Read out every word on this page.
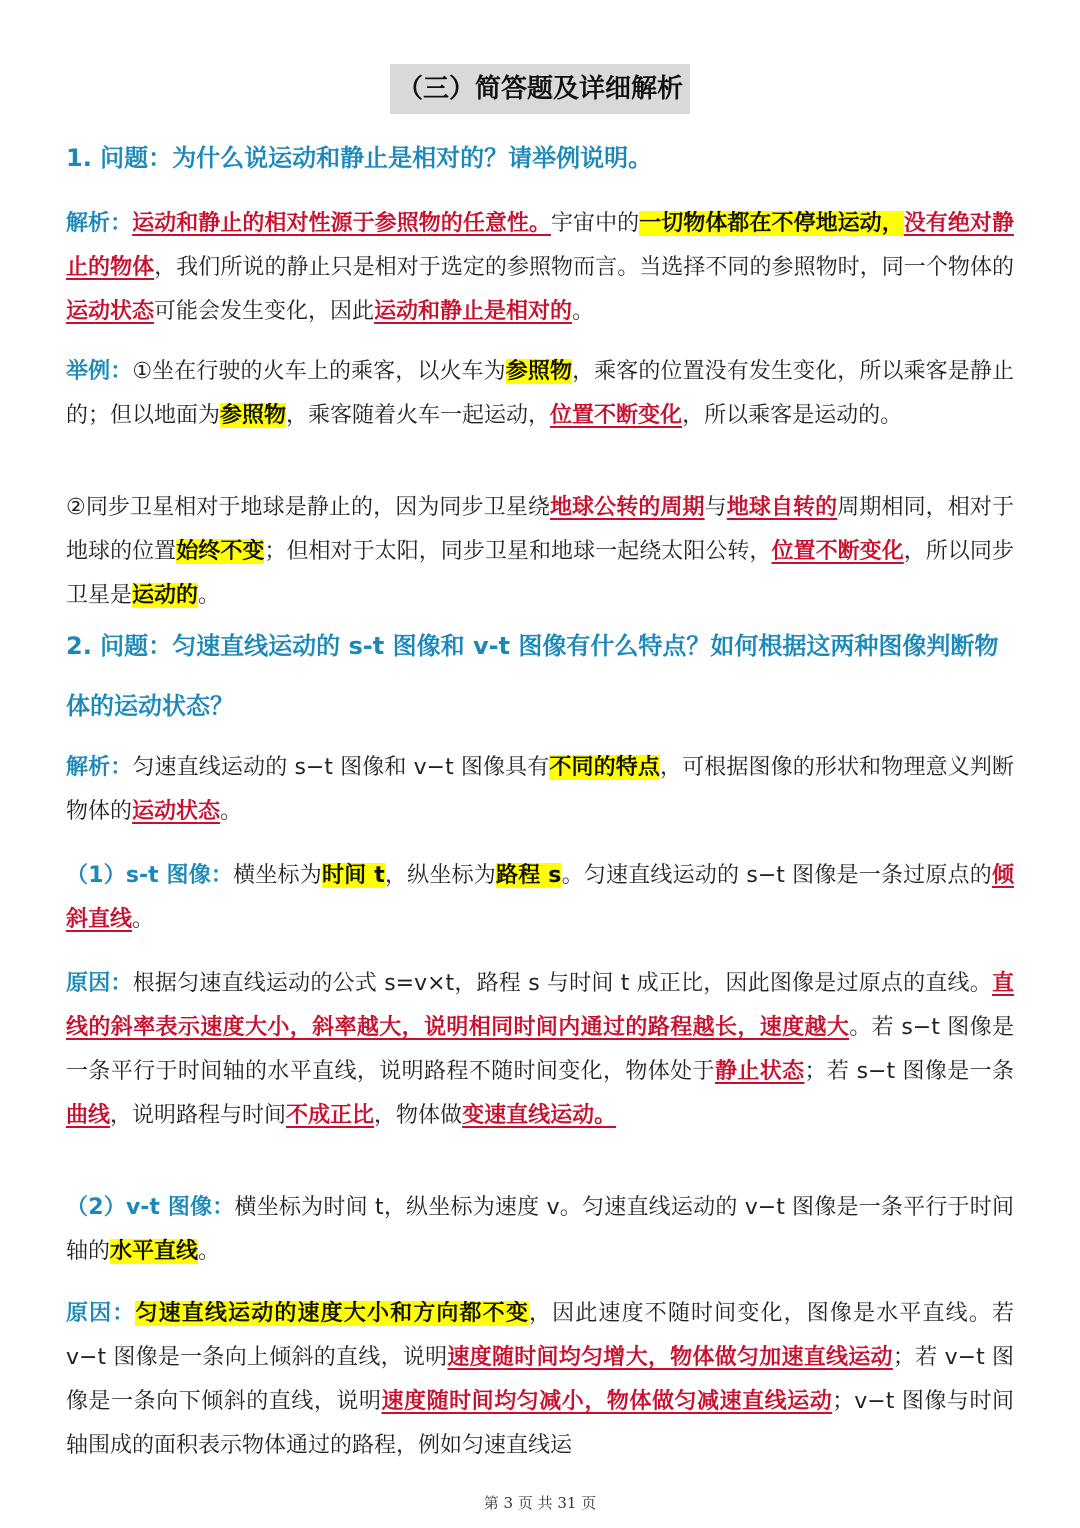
（三）简答题及详细解析
1. 问题：为什么说运动和静止是相对的？请举例说明。
解析：运动和静止的相对性源于参照物的任意性。宇宙中的一切物体都在不停地运动，没有绝对静止的物体，我们所说的静止只是相对于选定的参照物而言。当选择不同的参照物时，同一个物体的运动状态可能会发生变化，因此运动和静止是相对的。
举例：①坐在行驶的火车上的乘客，以火车为参照物，乘客的位置没有发生变化，所以乘客是静止的；但以地面为参照物，乘客随着火车一起运动，位置不断变化，所以乘客是运动的。
②同步卫星相对于地球是静止的，因为同步卫星绕地球公转的周期与地球自转的周期相同，相对于地球的位置始终不变；但相对于太阳，同步卫星和地球一起绕太阳公转，位置不断变化，所以同步卫星是运动的。
2. 问题：匀速直线运动的 s-t 图像和 v-t 图像有什么特点？如何根据这两种图像判断物体的运动状态？
解析：匀速直线运动的 s−t 图像和 v−t 图像具有不同的特点，可根据图像的形状和物理意义判断物体的运动状态。
（1）s-t 图像：横坐标为时间 t，纵坐标为路程 s。匀速直线运动的 s−t 图像是一条过原点的倾斜直线。
原因：根据匀速直线运动的公式 s=v×t，路程 s 与时间 t 成正比，因此图像是过原点的直线。直线的斜率表示速度大小，斜率越大，说明相同时间内通过的路程越长，速度越大。若 s−t 图像是一条平行于时间轴的水平直线，说明路程不随时间变化，物体处于静止状态；若 s−t 图像是一条曲线，说明路程与时间不成正比，物体做变速直线运动。
（2）v-t 图像：横坐标为时间 t，纵坐标为速度 v。匀速直线运动的 v−t 图像是一条平行于时间轴的水平直线。
原因：匀速直线运动的速度大小和方向都不变，因此速度不随时间变化，图像是水平直线。若 v−t 图像是一条向上倾斜的直线，说明速度随时间均匀增大，物体做匀加速直线运动；若 v−t 图像是一条向下倾斜的直线，说明速度随时间均匀减小，物体做匀减速直线运动；v−t 图像与时间轴围成的面积表示物体通过的路程，例如匀速直线运
第 3 页 共 31 页
